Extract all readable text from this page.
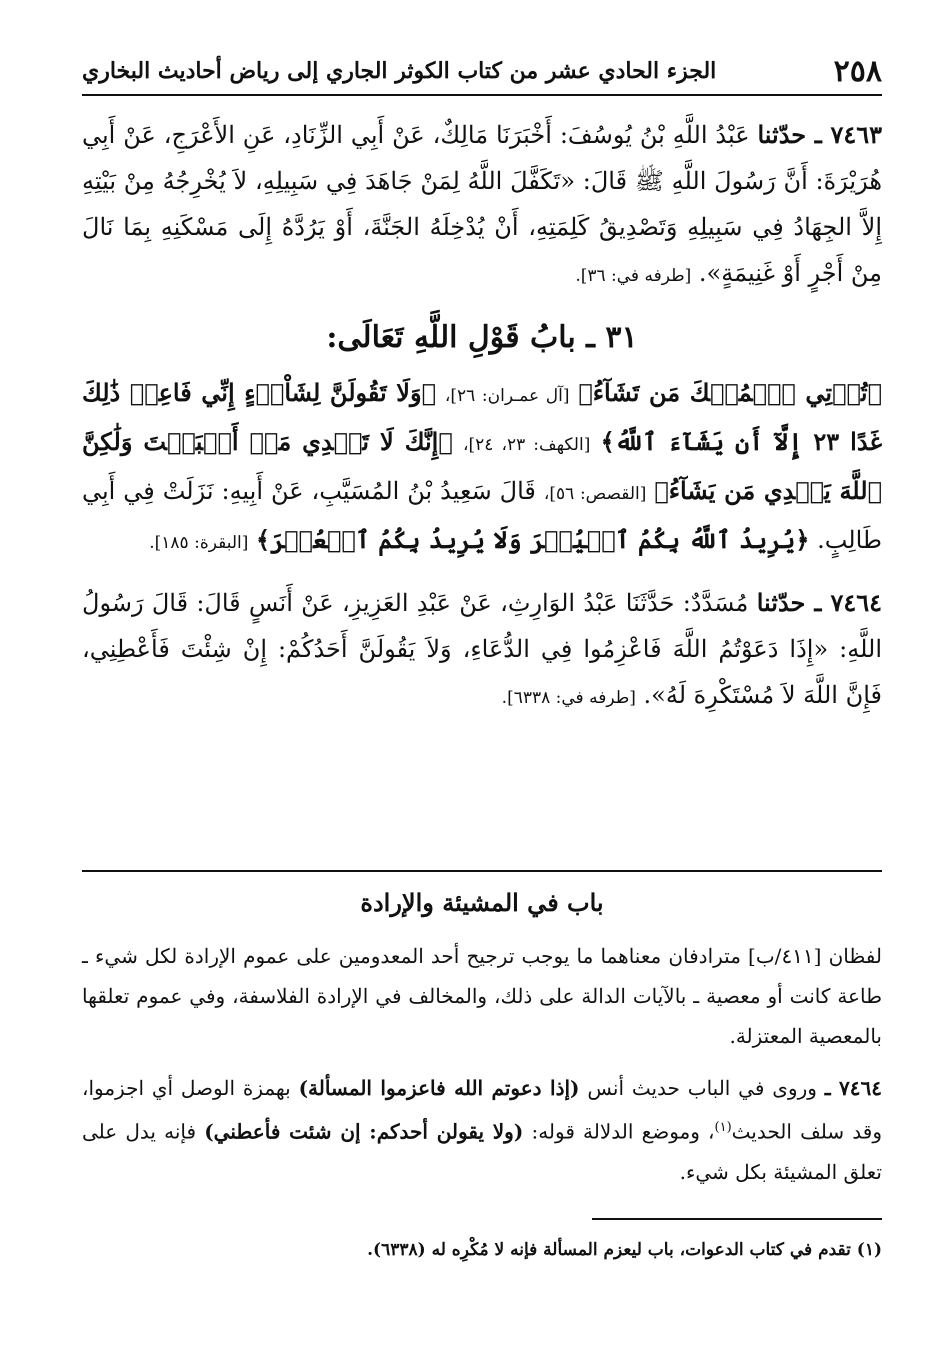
٢٥٨
الجزء الحادي عشر من كتاب الكوثر الجاري إلى رياض أحاديث البخاري
٧٤٦٣ ـ حدّثنا عَبْدُ اللَّهِ بْنُ يُوسُفَ: أَخْبَرَنَا مَالِكٌ، عَنْ أَبِي الزِّنَادِ، عَنِ الأَعْرَجِ، عَنْ أَبِي هُرَيْرَةَ: أَنَّ رَسُولَ اللَّهِ ﷺ قَالَ: «تَكَفَّلَ اللَّهُ لِمَنْ جَاهَدَ فِي سَبِيلِهِ، لاَ يُخْرِجُهُ مِنْ بَيْتِهِ إِلاَّ الجِهَادُ فِي سَبِيلِهِ وَتَصْدِيقُ كَلِمَتِهِ، أَنْ يُدْخِلَهُ الجَنَّةَ، أَوْ يَرُدَّهُ إِلَى مَسْكَنِهِ بِمَا نَالَ مِنْ أَجْرٍ أَوْ غَنِيمَةٍ». [طرفه في: ٣٦].
٣١ ـ بابُ قَوْلِ اللَّهِ تَعَالَى:
﴿تُؤۡتِي ٱلۡمُلۡكَ مَن تَشَآءُ﴾ [آل عمـران: ٢٦]، ﴿وَلَا تَقُولَنَّ لِشَاْيۡءٍ إِنِّي فَاعِلٞ ذَٰلِكَ غَدًا ٢٣ إِلَّآ أَن يَشَآءَ ٱللَّهُ﴾ [الكهف: ٢٣، ٢٤]، ﴿إِنَّكَ لَا تَهۡدِي مَنۡ أَحۡبَبۡتَ وَلَٰكِنَّ ٱللَّهَ يَهۡدِي مَن يَشَآءُ﴾ [القصص: ٥٦]، قَالَ سَعِيدُ بْنُ المُسَيَّبِ، عَنْ أَبِيهِ: نَزَلَتْ فِي أَبِي طَالِبٍ. ﴿يُرِيدُ ٱللَّهُ بِكُمُ ٱلۡيُسۡرَ وَلَا يُرِيدُ بِكُمُ ٱلۡعُسۡرَ﴾ [البقرة: ١٨٥].
٧٤٦٤ ـ حدّثنا مُسَدَّدٌ: حَدَّثَنَا عَبْدُ الوَارِثِ، عَنْ عَبْدِ العَزِيزِ، عَنْ أَنَسٍ قَالَ: قَالَ رَسُولُ اللَّهِ: «إِذَا دَعَوْتُمُ اللَّهَ فَاعْزِمُوا فِي الدُّعَاءِ، وَلاَ يَقُولَنَّ أَحَدُكُمْ: إِنْ شِئْتَ فَأَعْطِنِي، فَإِنَّ اللَّهَ لاَ مُسْتَكْرِهَ لَهُ». [طرفه في: ٦٣٣٨].
باب في المشيئة والإرادة
لفظان [٤١١/ب] مترادفان معناهما ما يوجب ترجيح أحد المعدومين على عموم الإرادة لكل شيء ـ طاعة كانت أو معصية ـ بالآيات الدالة على ذلك، والمخالف في الإرادة الفلاسفة، وفي عموم تعلقها بالمعصية المعتزلة.
٧٤٦٤ ـ وروى في الباب حديث أنس (إذا دعوتم الله فاعزموا المسألة) بهمزة الوصل أي اجزموا، وقد سلف الحديث$^{(١)}$، وموضع الدلالة قوله: (ولا يقولن أحدكم: إن شئت فأعطني) فإنه يدل على تعلق المشيئة بكل شيء.
(١) تقدم في كتاب الدعوات، باب ليعزم المسألة فإنه لا مُكْرِه له (٦٣٣٨).
